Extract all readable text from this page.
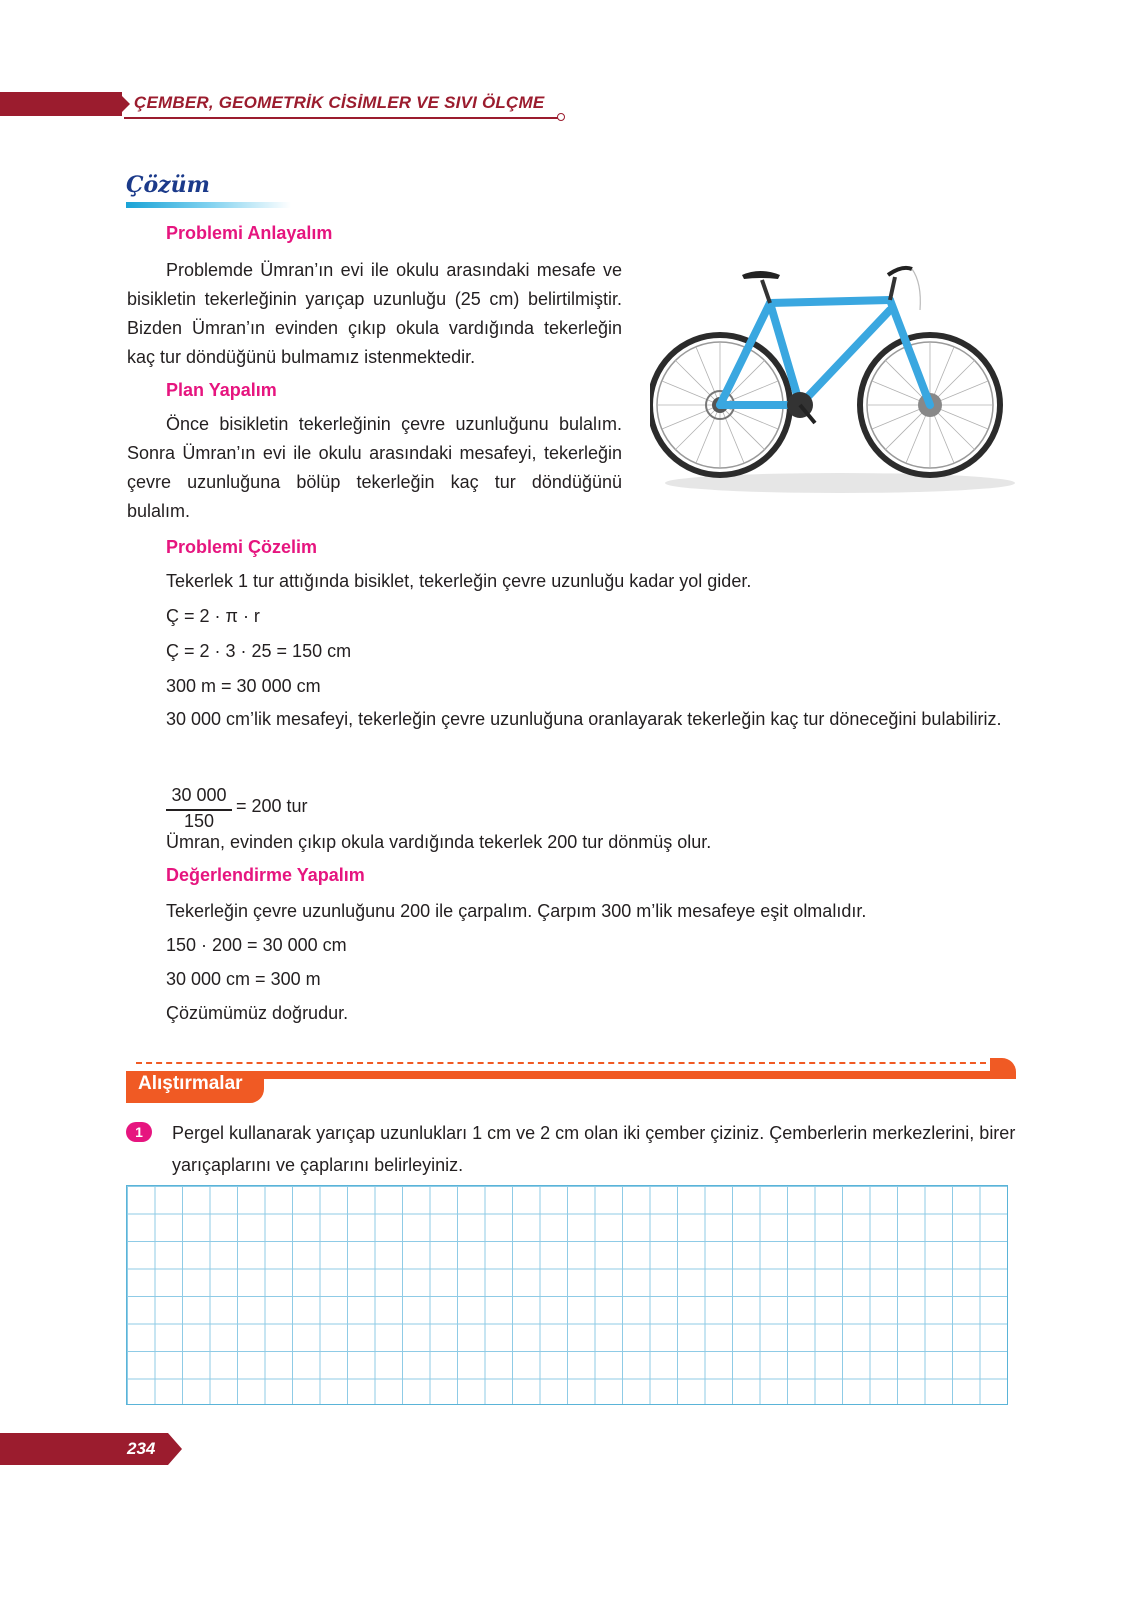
ÇEMBER, GEOMETRİK CİSİMLER VE SIVI ÖLÇME
Çözüm
Problemi Anlayalım

Problemde Ümran’ın evi ile okulu arasındaki mesafe ve bisikletin tekerleğinin yarıçap uzunluğu (25 cm) belirtilmiştir. Bizden Ümran’ın evinden çıkıp okula vardığında tekerleğin kaç tur döndüğünü bulmamız istenmektedir.

Plan Yapalım

Önce bisikletin tekerleğinin çevre uzunluğunu bulalım. Sonra Ümran’ın evi ile okulu arasındaki mesafeyi, tekerleğin çevre uzunluğuna bölüp tekerleğin kaç tur döndüğünü bulalım.

Problemi Çözelim
Tekerlek 1 tur attığında bisiklet, tekerleğin çevre uzunluğu kadar yol gider.
Ç = 2 · π · r
Ç = 2 · 3 · 25 = 150 cm
300 m = 30 000 cm

30 000 cm’lik mesafeyi, tekerleğin çevre uzunluğuna oranlayarak tekerleğin kaç tur döneceğini bulabiliriz.

30 000
150
= 200 tur
Ümran, evinden çıkıp okula vardığında tekerlek 200 tur dönmüş olur.
Değerlendirme Yapalım
Tekerleğin çevre uzunluğunu 200 ile çarpalım. Çarpım 300 m’lik mesafeye eşit olmalıdır.
150 · 200 = 30 000 cm
30 000 cm = 300 m
Çözümümüz doğrudur.
Alıştırmalar
1	Pergel kullanarak yarıçap uzunlukları 1 cm ve 2 cm olan iki çember çiziniz. Çemberlerin merkezlerini, birer yarıçaplarını ve çaplarını belirleyiniz.

234
